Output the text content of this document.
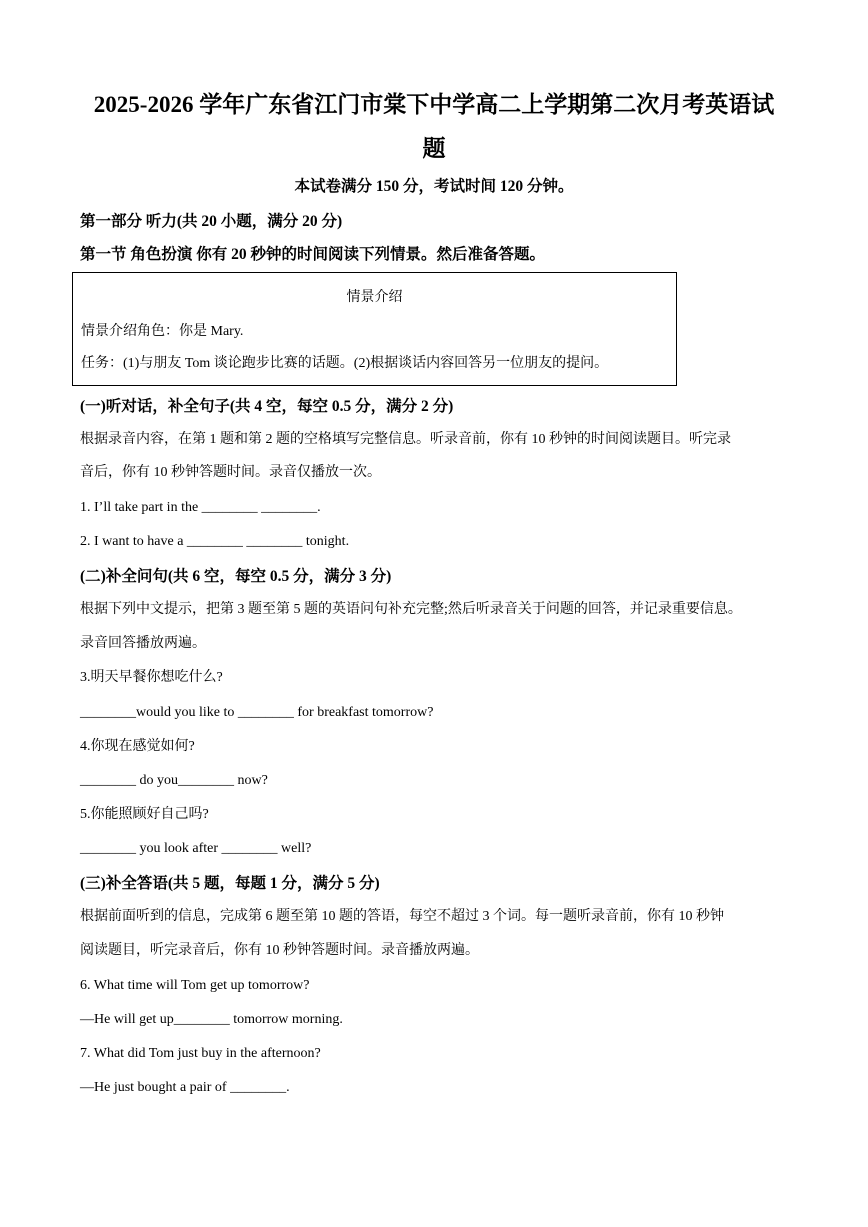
2025-2026 学年广东省江门市棠下中学高二上学期第二次月考英语试
题
本试卷满分 150 分，考试时间 120 分钟。
第一部分 听力(共 20 小题，满分 20 分)
第一节 角色扮演 你有 20 秒钟的时间阅读下列情景。然后准备答题。
情景介绍
情景介绍角色：你是 Mary.
任务：(1)与朋友 Tom 谈论跑步比赛的话题。(2)根据谈话内容回答另一位朋友的提问。
(一)听对话，补全句子(共 4 空，每空 0.5 分，满分 2 分)
根据录音内容，在第 1 题和第 2 题的空格填写完整信息。听录音前，你有 10 秒钟的时间阅读题目。听完录
音后，你有 10 秒钟答题时间。录音仅播放一次。
1. I’ll take part in the ________ ________.
2. I want to have a ________ ________ tonight.
(二)补全问句(共 6 空，每空 0.5 分，满分 3 分)
根据下列中文提示，把第 3 题至第 5 题的英语问句补充完整;然后听录音关于问题的回答，并记录重要信息。
录音回答播放两遍。
3.明天早餐你想吃什么?
________would you like to ________ for breakfast tomorrow?
4.你现在感觉如何?
________ do you________ now?
5.你能照顾好自己吗?
________ you look after ________ well?
(三)补全答语(共 5 题，每题 1 分，满分 5 分)
根据前面听到的信息，完成第 6 题至第 10 题的答语，每空不超过 3 个词。每一题听录音前，你有 10 秒钟
阅读题目，听完录音后，你有 10 秒钟答题时间。录音播放两遍。
6. What time will Tom get up tomorrow?
—He will get up________ tomorrow morning.
7. What did Tom just buy in the afternoon?
—He just bought a pair of ________.
